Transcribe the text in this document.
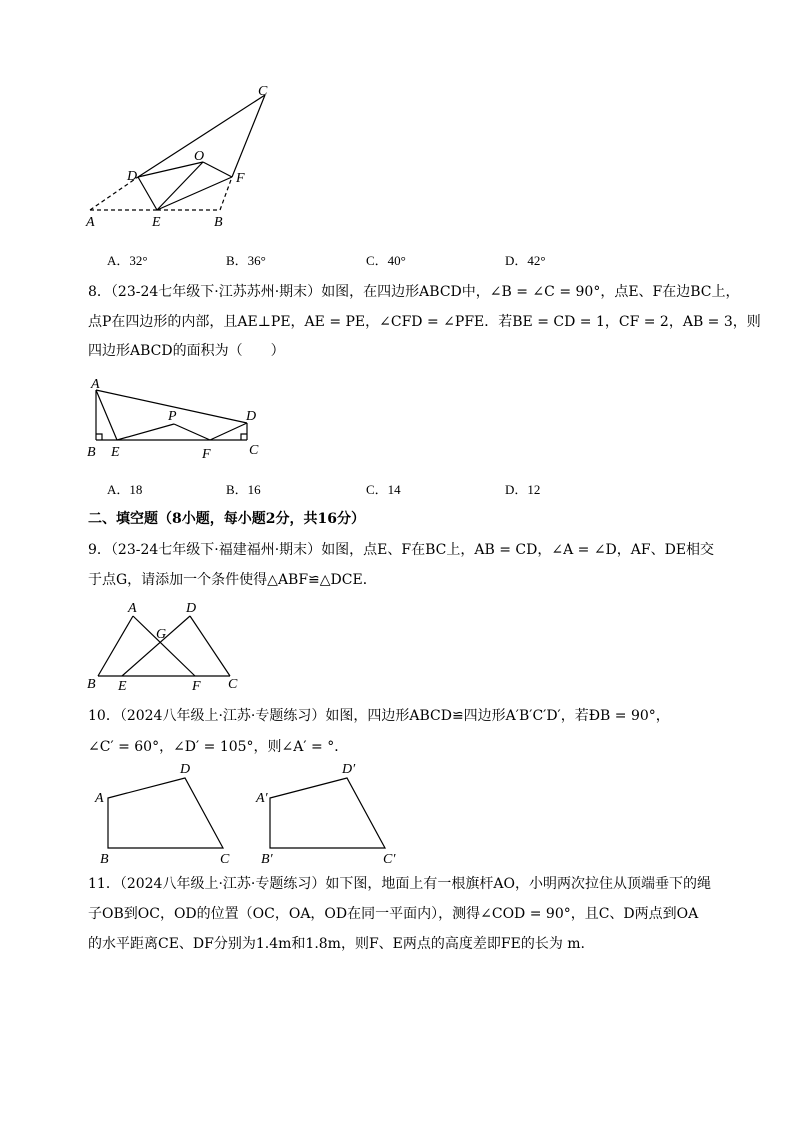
C
O
D	F
A	E	B
A．32°	B．36°	C．40°	D．42°
8．（23-24七年级下·江苏苏州·期末）如图，在四边形ABCD中，∠B = ∠C = 90°，点E、F在边BC上，
点P在四边形的内部，且AE⊥PE，AE = PE，∠CFD = ∠PFE．若BE = CD = 1，CF = 2，AB = 3，则
四边形ABCD的面积为（　　）
A
P	D
B E	F	C
A．18	B．16	C．14	D．12
二、填空题（8小题，每小题2分，共16分）
9．（23-24七年级下·福建福州·期末）如图，点E、F在BC上，AB = CD，∠A = ∠D，AF、DE相交
于点G，请添加一个条件使得△ABF≌△DCE．
A	D
G
B E	F C
10．（2024八年级上·江苏·专题练习）如图，四边形ABCD≌四边形A′B′C′D′，若ÐB = 90°，
∠C′ = 60°，∠D′ = 105°，则∠A′ = °．
A
D
B	C
A′
D′
B′	C′
11．（2024八年级上·江苏·专题练习）如下图，地面上有一根旗杆AO，小明两次拉住从顶端垂下的绳
子OB到OC，OD的位置（OC，OA，OD在同一平面内），测得∠COD = 90°，且C、D两点到OA
的水平距离CE、DF分别为1.4m和1.8m，则F、E两点的高度差即FE的长为 m.
